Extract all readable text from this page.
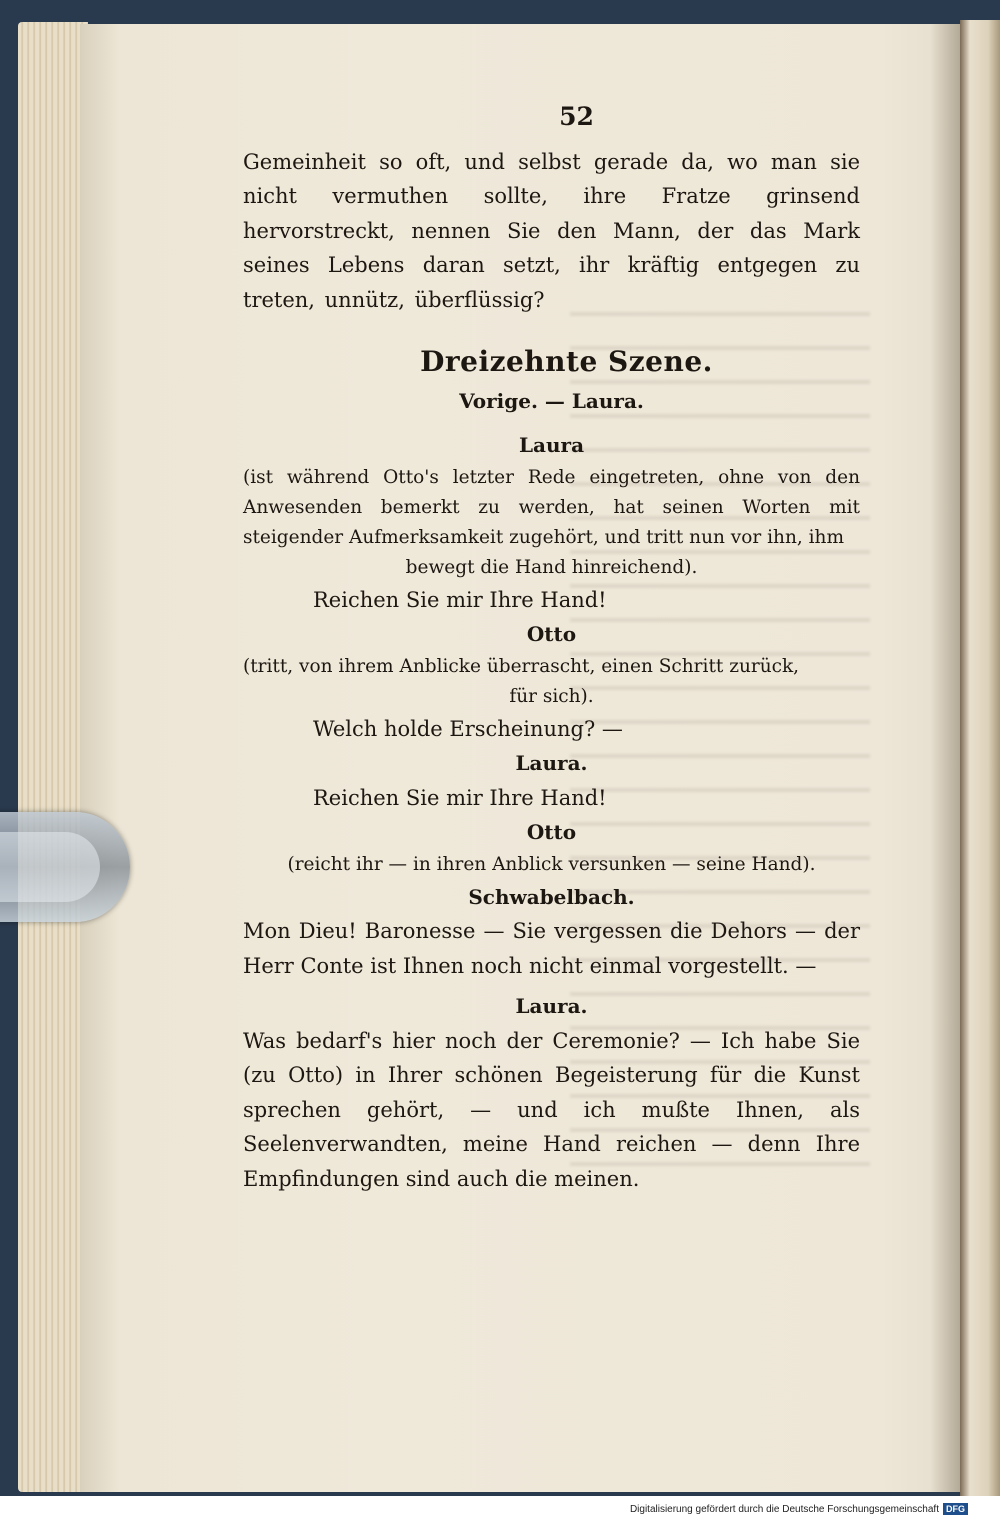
52
Gemeinheit so oft, und selbst gerade da, wo man sie nicht vermuthen sollte, ihre Fratze grinsend hervorstreckt, nennen Sie den Mann, der das Mark seines Lebens daran setzt, ihr kräftig entgegen zu treten, unnütz, überflüssig?
Dreizehnte Szene.
Vorige. — Laura.
Laura
(ist während Otto's letzter Rede eingetreten, ohne von den Anwesenden bemerkt zu werden, hat seinen Worten mit steigender Aufmerksamkeit zugehört, und tritt nun vor ihn, ihm
bewegt die Hand hinreichend).
Reichen Sie mir Ihre Hand!
Otto
(tritt, von ihrem Anblicke überrascht, einen Schritt zurück,
für sich).
Welch holde Erscheinung? —
Laura.
Reichen Sie mir Ihre Hand!
Otto
(reicht ihr — in ihren Anblick versunken — seine Hand).
Schwabelbach.
Mon Dieu! Baronesse — Sie vergessen die Dehors — der Herr Conte ist Ihnen noch nicht einmal vorgestellt. —
Laura.
Was bedarf's hier noch der Ceremonie? — Ich habe Sie (zu Otto) in Ihrer schönen Begeisterung für die Kunst sprechen gehört, — und ich mußte Ihnen, als Seelenverwandten, meine Hand reichen — denn Ihre Empfindungen sind auch die meinen.
Digitalisierung gefördert durch die Deutsche Forschungsgemeinschaft DFG
